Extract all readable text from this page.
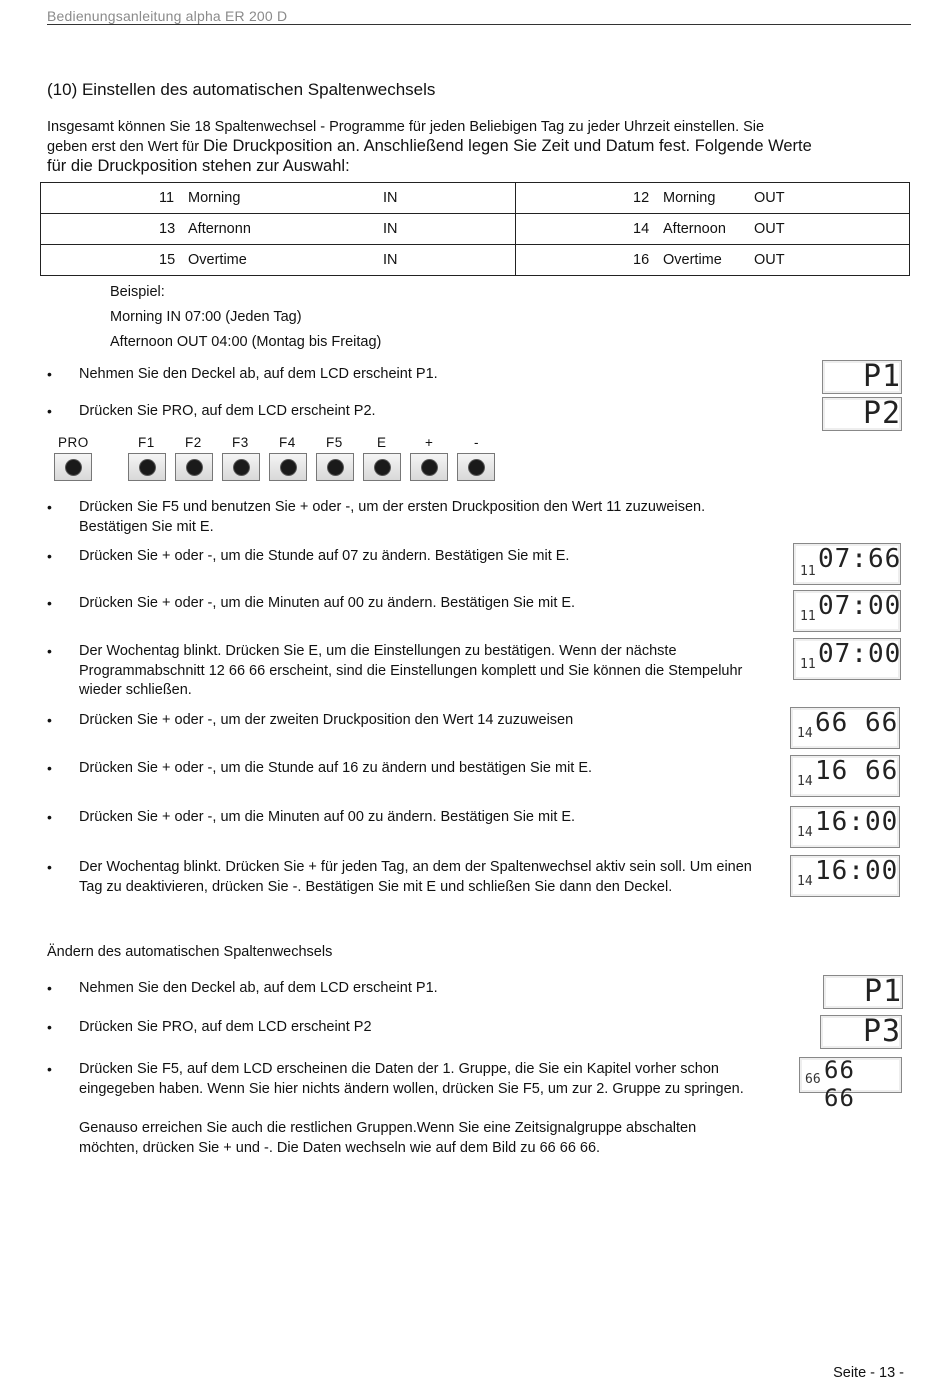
Bedienungsanleitung alpha ER 200 D
(10) Einstellen des automatischen Spaltenwechsels
Insgesamt können Sie 18 Spaltenwechsel - Programme für jeden Beliebigen Tag zu jeder Uhrzeit einstellen. Sie
geben erst den Wert für Die Druckposition an. Anschließend legen Sie Zeit und Datum fest. Folgende Werte
für die Druckposition stehen zur Auswahl:
11 Morning IN	12 Morning OUT

13 Afternonn IN	14 Afternoon OUT

15 Overtime IN	16 Overtime OUT
Beispiel:
Morning IN 07:00 (Jeden Tag)
Afternoon OUT 04:00 (Montag bis Freitag)
• Nehmen Sie den Deckel ab, auf dem LCD erscheint P1.
• Drücken Sie PRO, auf dem LCD erscheint P2.
PRO	F1 F2 F3 F4 F5	E	+	-
• Drücken Sie F5 und benutzen Sie + oder -, um der ersten Druckposition den Wert 11 zuzuweisen. Bestätigen Sie mit E.
• Drücken Sie + oder -, um die Stunde auf 07 zu ändern. Bestätigen Sie mit E.
• Drücken Sie + oder -, um die Minuten auf 00 zu ändern. Bestätigen Sie mit E.
• Der Wochentag blinkt. Drücken Sie E, um die Einstellungen zu bestätigen. Wenn der nächste Programmabschnitt 12 66 66 erscheint, sind die Einstellungen komplett und Sie können die Stempeluhr wieder schließen.
• Drücken Sie + oder -, um der zweiten Druckposition den Wert 14 zuzuweisen
• Drücken Sie + oder -, um die Stunde auf 16 zu ändern und bestätigen Sie mit E.
• Drücken Sie + oder -, um die Minuten auf 00 zu ändern. Bestätigen Sie mit E.
• Der Wochentag blinkt. Drücken Sie + für jeden Tag, an dem der Spaltenwechsel aktiv sein soll. Um einen Tag zu deaktivieren, drücken Sie -. Bestätigen Sie mit E und schließen Sie dann den Deckel.
Ändern des automatischen Spaltenwechsels
• Nehmen Sie den Deckel ab, auf dem LCD erscheint P1.
• Drücken Sie PRO, auf dem LCD erscheint P2
• Drücken Sie F5, auf dem LCD erscheinen die Daten der 1. Gruppe, die Sie ein Kapitel vorher schon eingegeben haben. Wenn Sie hier nichts ändern wollen, drücken Sie F5, um zur 2. Gruppe zu springen.
Genauso erreichen Sie auch die restlichen Gruppen.Wenn Sie eine Zeitsignalgruppe abschalten möchten, drücken Sie + und -. Die Daten wechseln wie auf dem Bild zu 66 66 66.
P1
P2
11 07:66
11 07:00
11 07:00
14 66 66
14 16 66
14 16:00
14 16:00
P1
P3
66 66 66
Seite - 13 -
